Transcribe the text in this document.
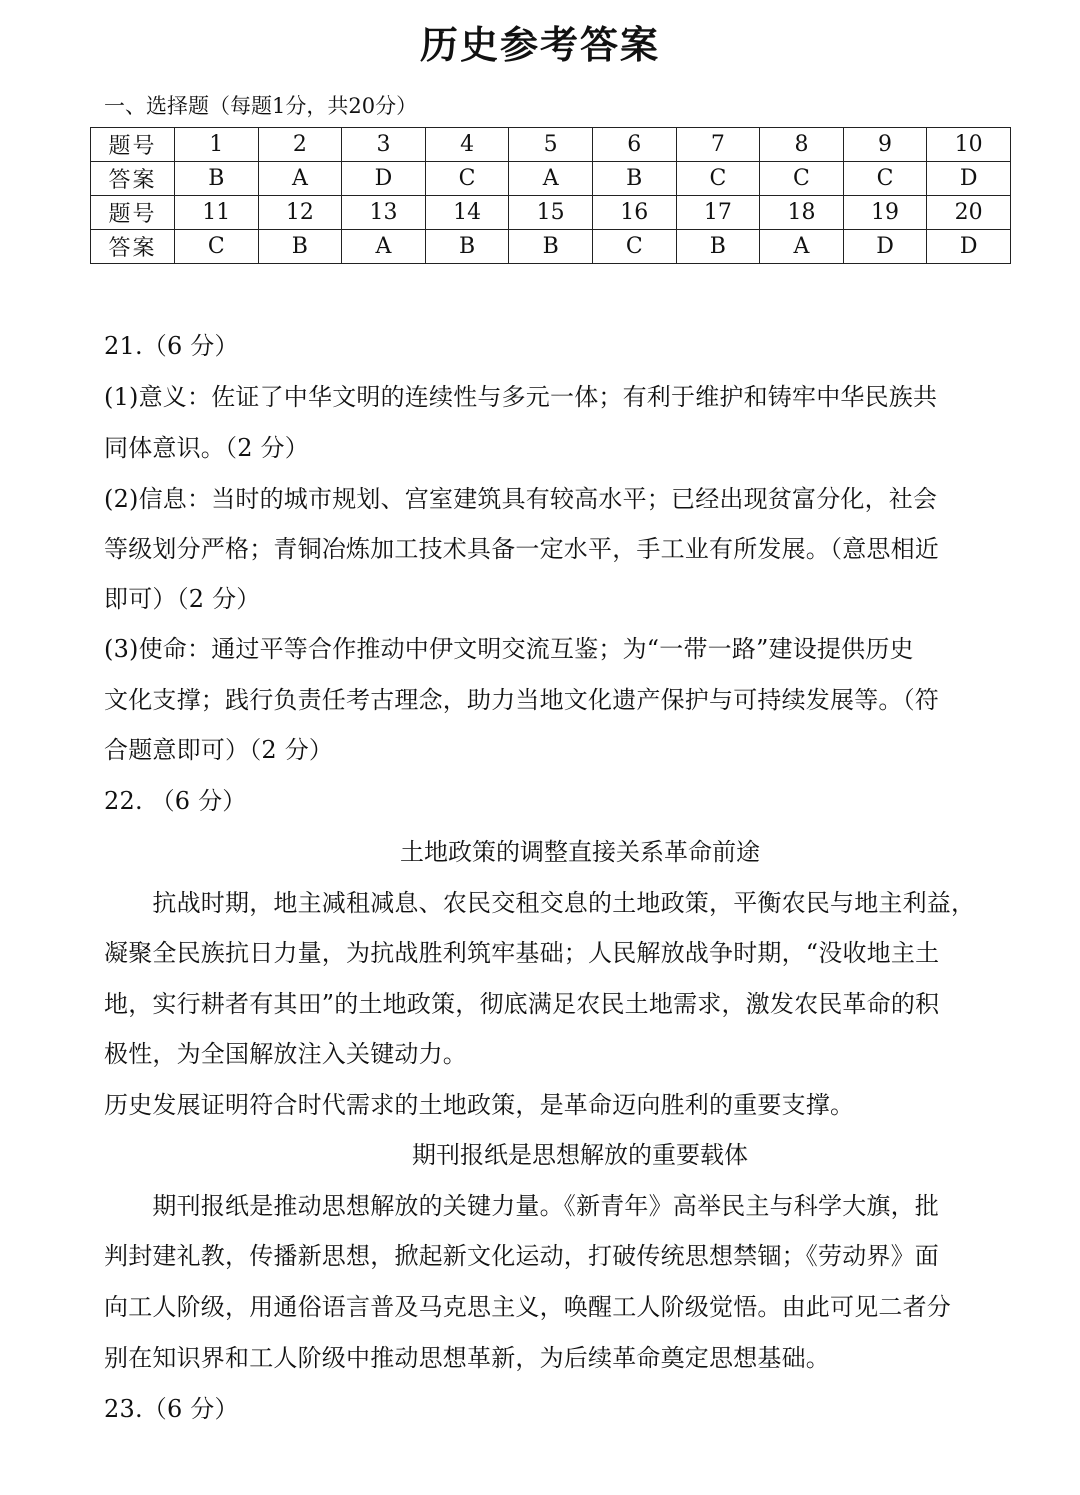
历史参考答案
一、选择题（每题1分，共20分）
题号	1	2	3	4	5	6	7	8	9	10
答案	B	A	D	C	A	B	C	C	C	D
题号	11	12	13	14	15	16	17	18	19	20
答案	C	B	A	B	B	C	B	A	D	D
21.（6 分）
(1)意义：佐证了中华文明的连续性与多元一体；有利于维护和铸牢中华民族共
同体意识。（2 分）
(2)信息：当时的城市规划、宫室建筑具有较高水平；已经出现贫富分化，社会
等级划分严格；青铜冶炼加工技术具备一定水平，手工业有所发展。（意思相近
即可）（2 分）
(3)使命：通过平等合作推动中伊文明交流互鉴；为“一带一路”建设提供历史
文化支撑；践行负责任考古理念，助力当地文化遗产保护与可持续发展等。（符
合题意即可）（2 分）
22. （6 分）
土地政策的调整直接关系革命前途
　　抗战时期，地主减租减息、农民交租交息的土地政策，平衡农民与地主利益，
凝聚全民族抗日力量，为抗战胜利筑牢基础；人民解放战争时期，“没收地主土
地，实行耕者有其田”的土地政策，彻底满足农民土地需求，激发农民革命的积
极性，为全国解放注入关键动力。
历史发展证明符合时代需求的土地政策，是革命迈向胜利的重要支撑。
期刊报纸是思想解放的重要载体
　　期刊报纸是推动思想解放的关键力量。《新青年》高举民主与科学大旗，批
判封建礼教，传播新思想，掀起新文化运动，打破传统思想禁锢；《劳动界》面
向工人阶级，用通俗语言普及马克思主义，唤醒工人阶级觉悟。由此可见二者分
别在知识界和工人阶级中推动思想革新，为后续革命奠定思想基础。
23.（6 分）
